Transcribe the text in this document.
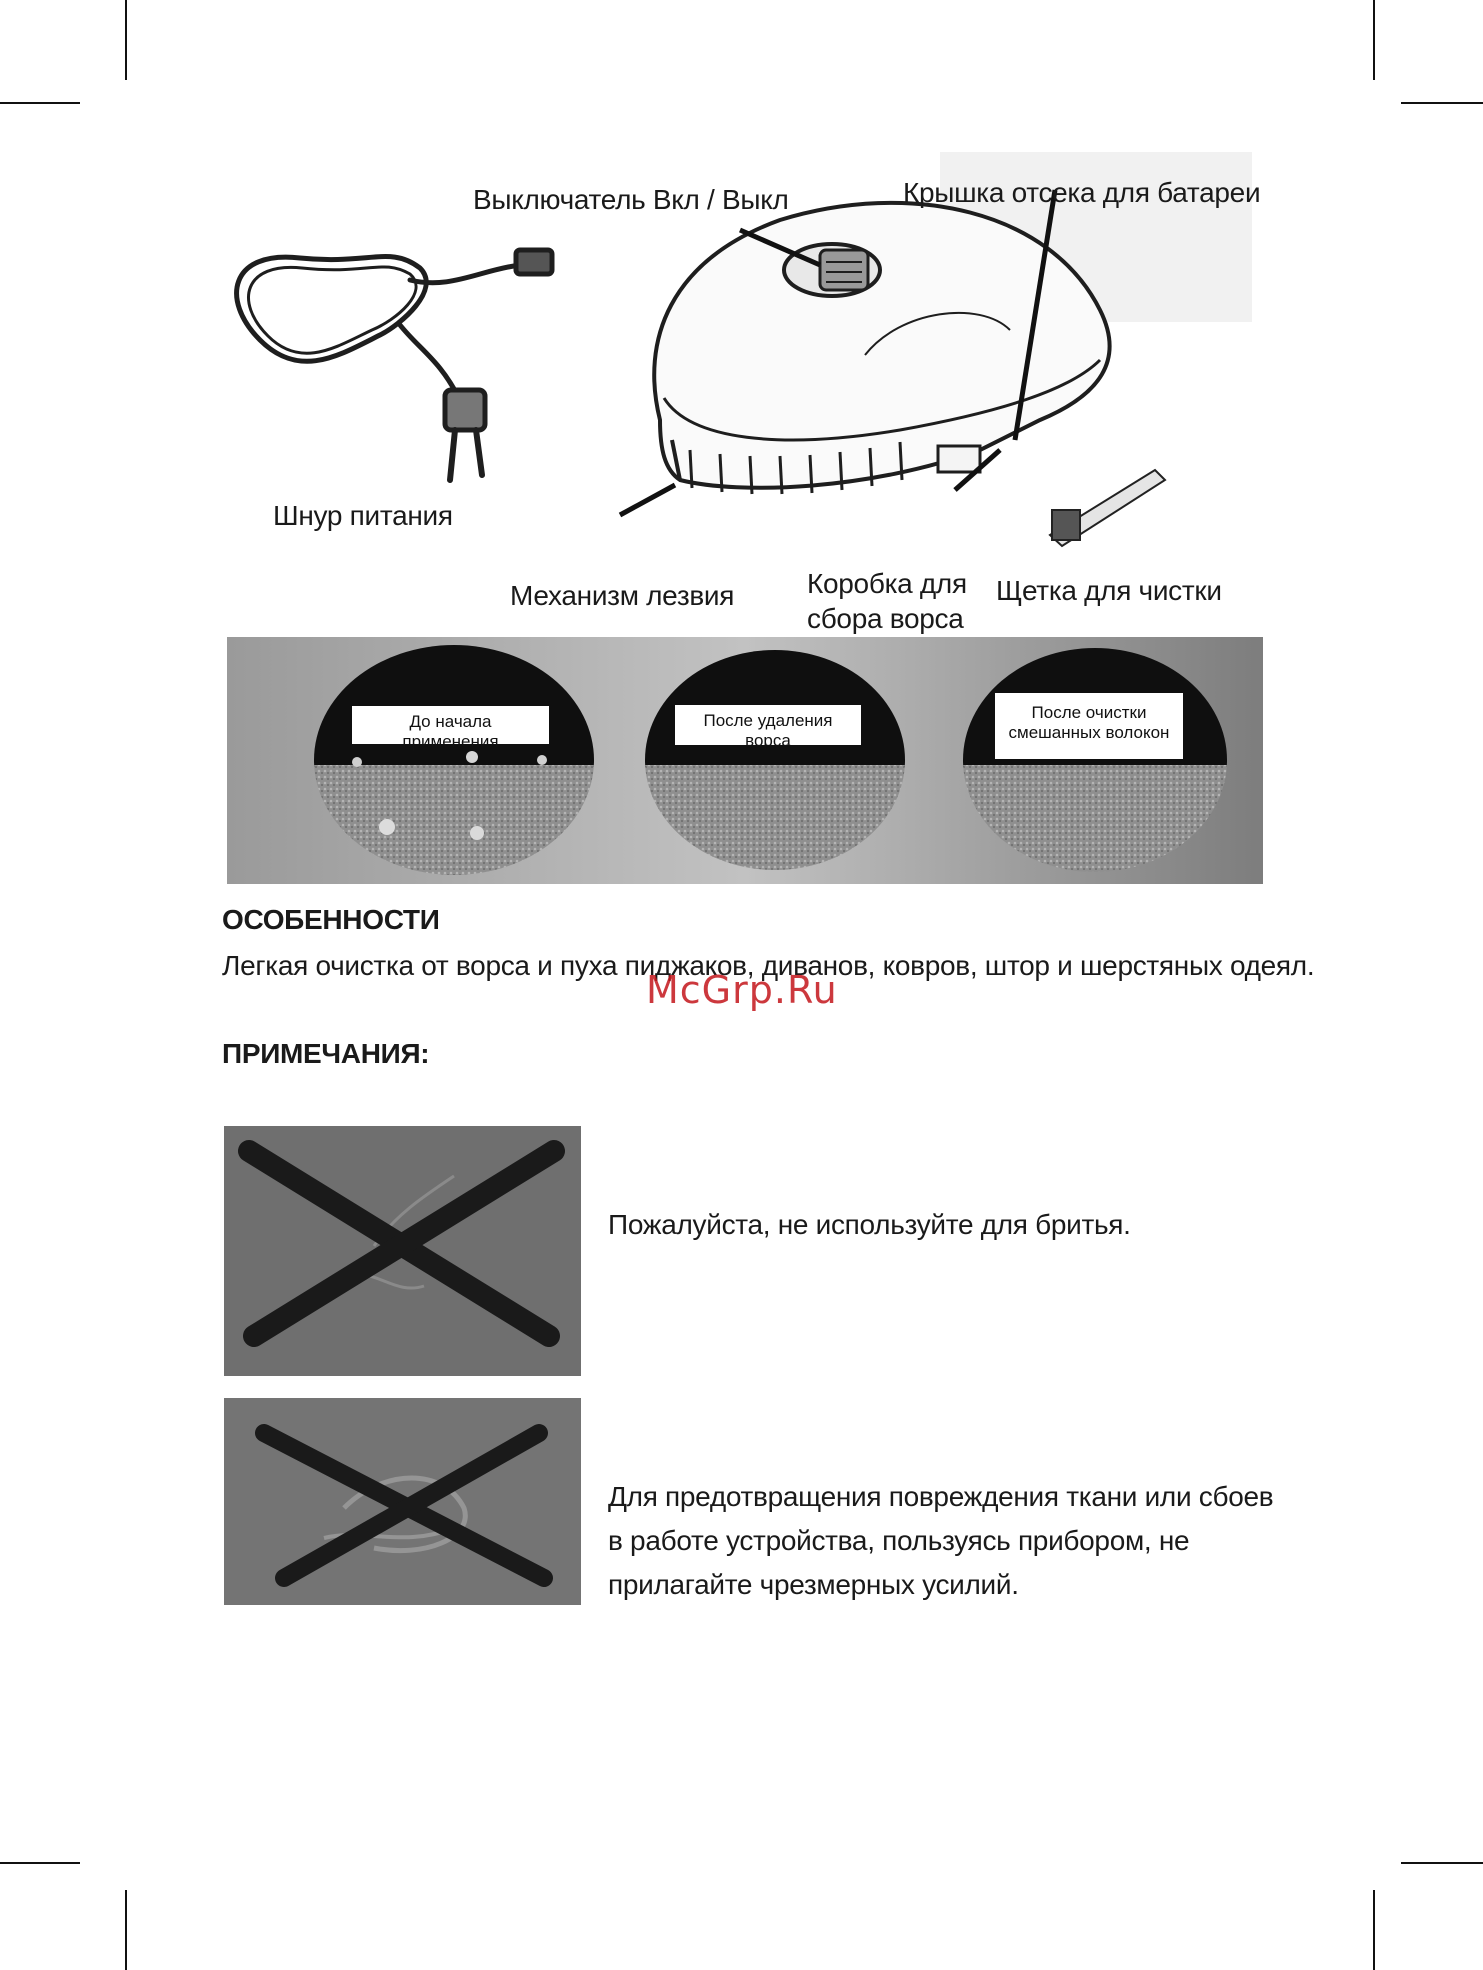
Выключатель Вкл / Выкл	Крышка отсека для батареи
Шнур питания
Механизм лезвия	Коробка для
сбора ворса
Щетка для чистки
До начала применения
После удаления ворса
После очистки
смешанных волокон
ОСОБЕННОСТИ
Легкая очистка от ворса и пуха пиджаков, диванов, ковров, штор и шерстяных одеял.
McGrp.Ru
ПРИМЕЧАНИЯ:
Пожалуйста, не используйте для бритья.
Для предотвращения повреждения ткани или сбоев
в работе устройства, пользуясь прибором, не
прилагайте чрезмерных усилий.
